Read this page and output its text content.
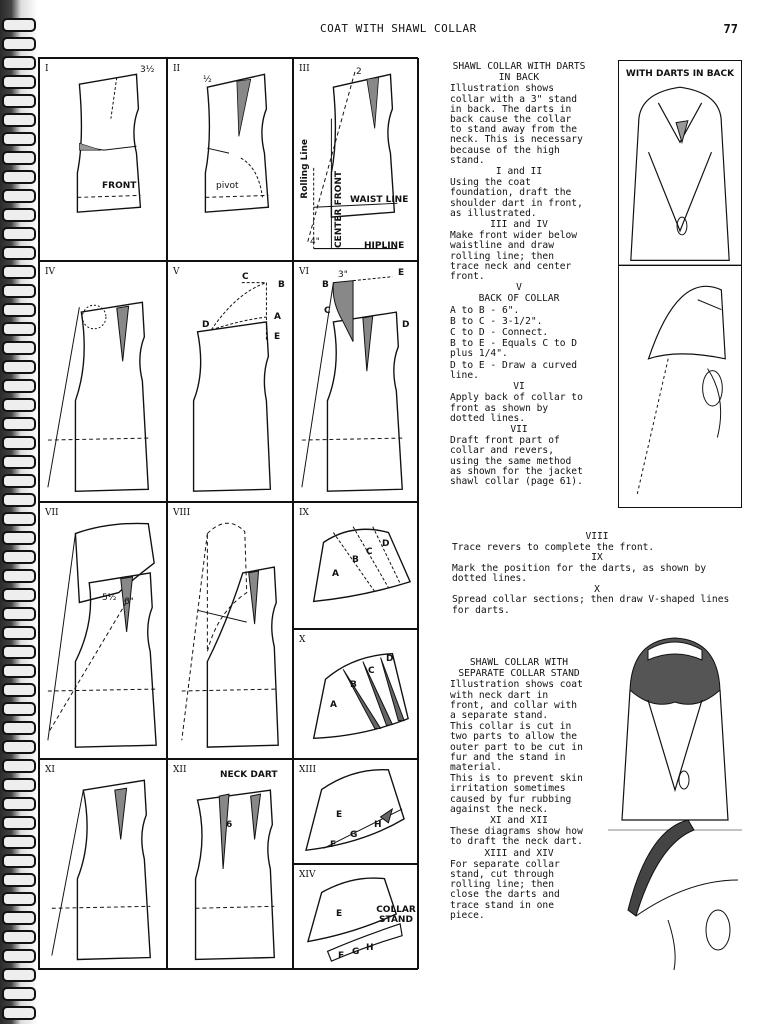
COAT WITH SHAWL COLLAR	77
I
FRONT
3½ II
pivot
½
III
Rolling Line
CENTER FRONT WAIST LINE
HIPLINE
4"
2
IV	V	C
B
A
D
E
VI	3"
B
C
E
D
VII
5½ 6"
VIII	IX
A
B
C
D
X
A
B
C
D
XI	XII	NECK DART
6
XIII
E
F
G
H
XIV
E
F G H
COLLAR STAND

SHAWL COLLAR WITH DARTS

IN BACK

Illustration shows collar with a 3" stand in back. The darts in back cause the collar to stand away from the neck. This is necessary because of the high stand.

I and II

Using the coat foundation, draft the shoulder dart in front, as illustrated.

III and IV

Make front wider below waistline and draw rolling line; then trace neck and center front.

V

BACK OF COLLAR

A to B - 6".

B to C - 3-1/2".

C to D - Connect.

B to E - Equals C to D plus 1/4".

D to E - Draw a curved line.

VI

Apply back of collar to front as shown by dotted lines.

VII

Draft front part of collar and revers, using the same method as shown for the jacket shawl collar (page 61).

WITH DARTS IN BACK

VIII

Trace revers to complete the front.

IX

Mark the position for the darts, as shown by dotted lines.

X

Spread collar sections; then draw V-shaped lines for darts.

SHAWL COLLAR WITH

SEPARATE COLLAR STAND

Illustration shows coat with neck dart in front, and collar with a separate stand.

This collar is cut in two parts to allow the outer part to be cut in fur and the stand in material.

This is to prevent skin irritation sometimes caused by fur rubbing against the neck.

XI and XII

These diagrams show how to draft the neck dart.

XIII and XIV

For separate collar stand, cut through rolling line; then close the darts and trace stand in one piece.
